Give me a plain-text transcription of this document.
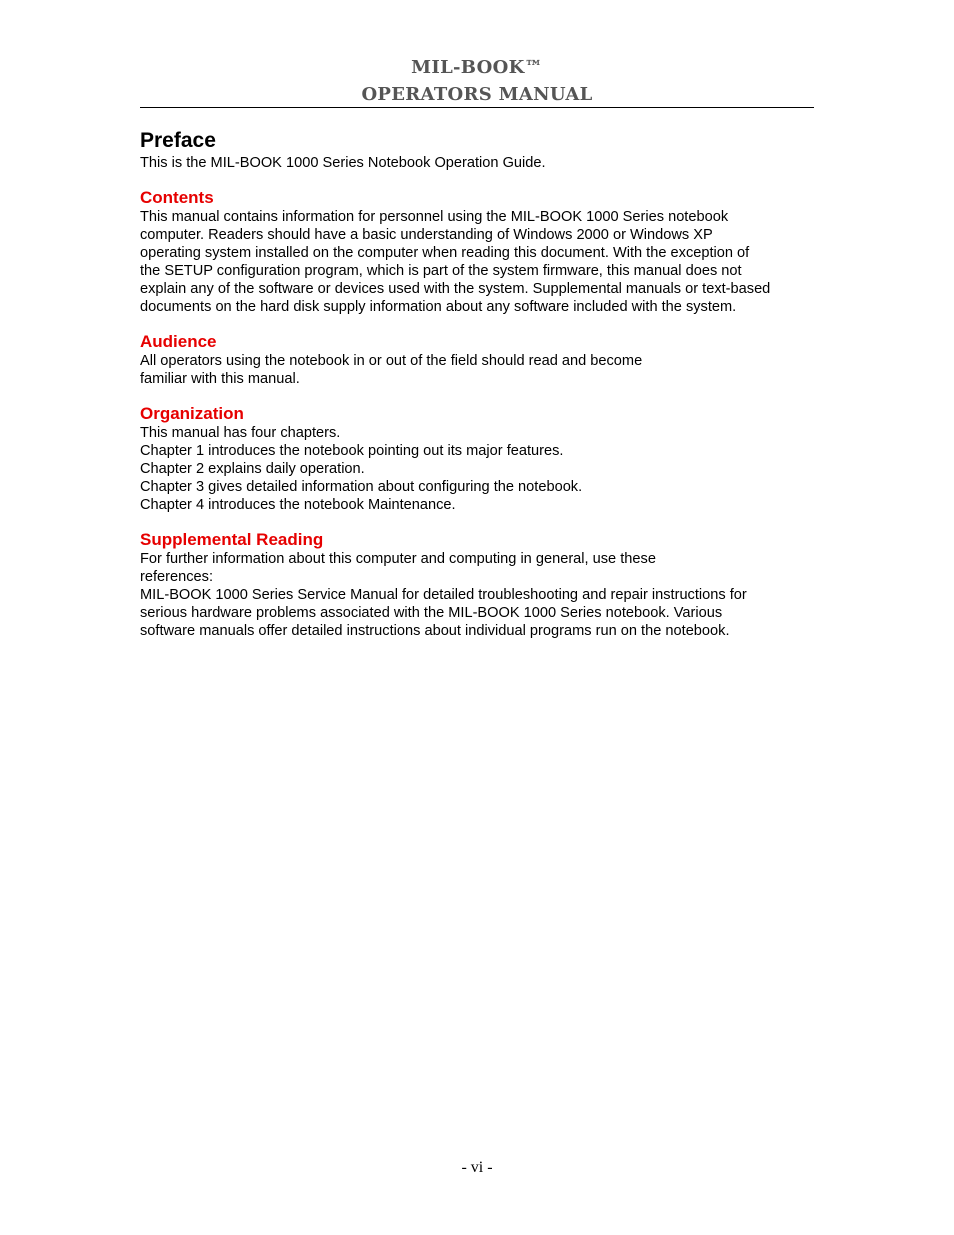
MIL-BOOK™
OPERATORS MANUAL
Preface

This is the MIL-BOOK 1000 Series Notebook Operation Guide.

Contents

This manual contains information for personnel using the MIL-BOOK 1000 Series notebook

computer. Readers should have a basic understanding of Windows 2000 or Windows XP

operating system installed on the computer when reading this document. With the exception of

the SETUP configuration program, which is part of the system firmware, this manual does not

explain any of the software or devices used with the system. Supplemental manuals or text-based

documents on the hard disk supply information about any software included with the system.

Audience

All operators using the notebook in or out of the field should read and become

familiar with this manual.

Organization

This manual has four chapters.

Chapter 1 introduces the notebook pointing out its major features.

Chapter 2 explains daily operation.

Chapter 3 gives detailed information about configuring the notebook.

Chapter 4 introduces the notebook Maintenance.

Supplemental Reading

For further information about this computer and computing in general, use these

references:

MIL-BOOK 1000 Series Service Manual for detailed troubleshooting and repair instructions for

serious hardware problems associated with the MIL-BOOK 1000 Series notebook. Various

software manuals offer detailed instructions about individual programs run on the notebook.

- vi -
